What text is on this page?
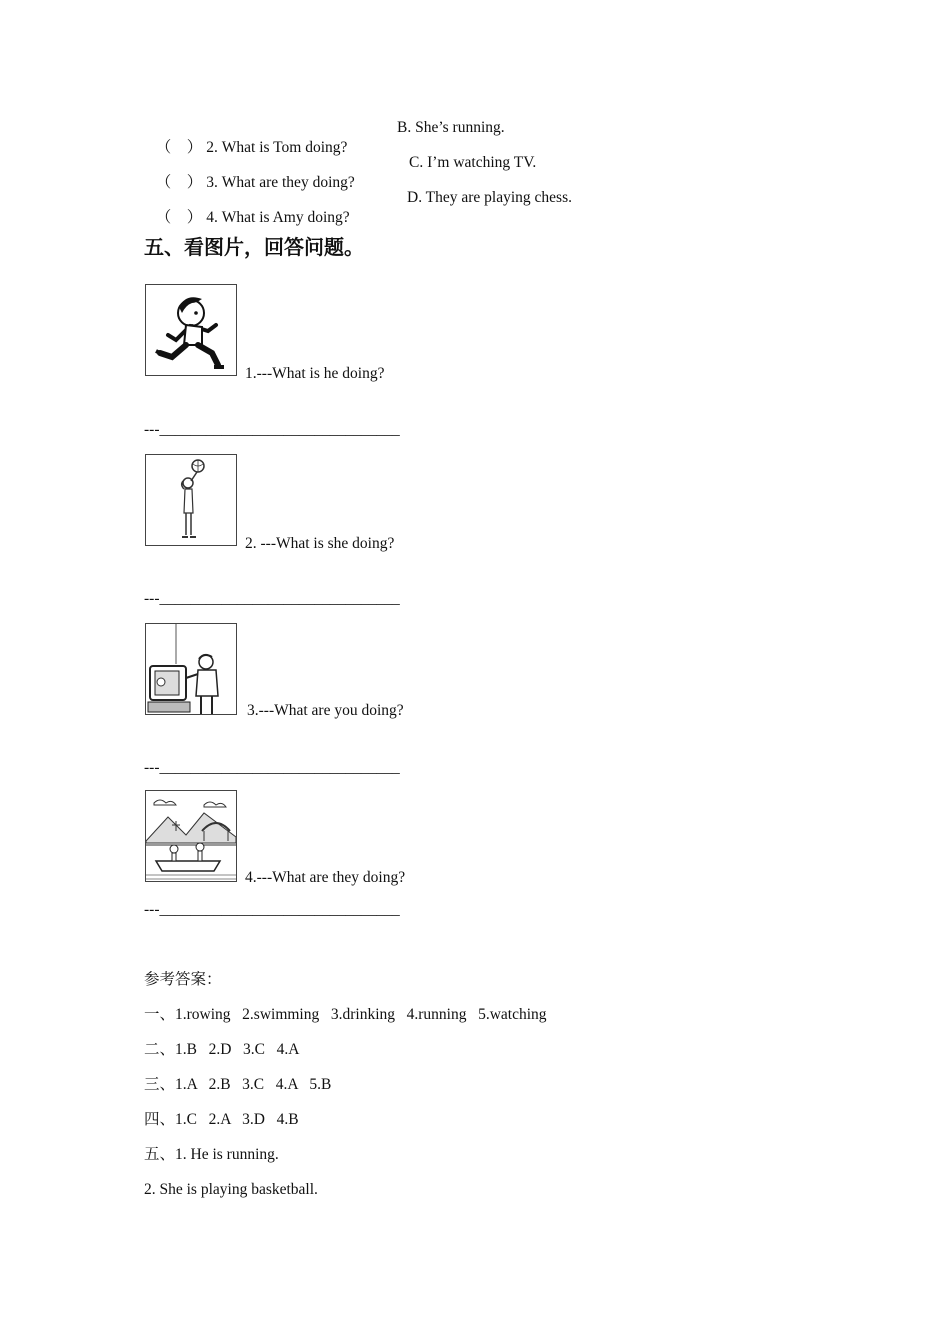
（　） 2. What is Tom doing?

B. She’s running.

（　） 3. What are they doing?

C. I’m watching TV.

（　） 4. What is Amy doing?

D. They are playing chess.
五、看图片，回答问题。
1.---What is he doing?
---_______________________________
2. ---What is she doing?
---_______________________________
3.---What are you doing?
---_______________________________
4.---What are they doing?
---_______________________________
参考答案：
一、1.rowing   2.swimming   3.drinking   4.running   5.watching
二、1.B   2.D   3.C   4.A
三、1.A   2.B   3.C   4.A   5.B
四、1.C   2.A   3.D   4.B
五、1. He is running.
2. She is playing basketball.
